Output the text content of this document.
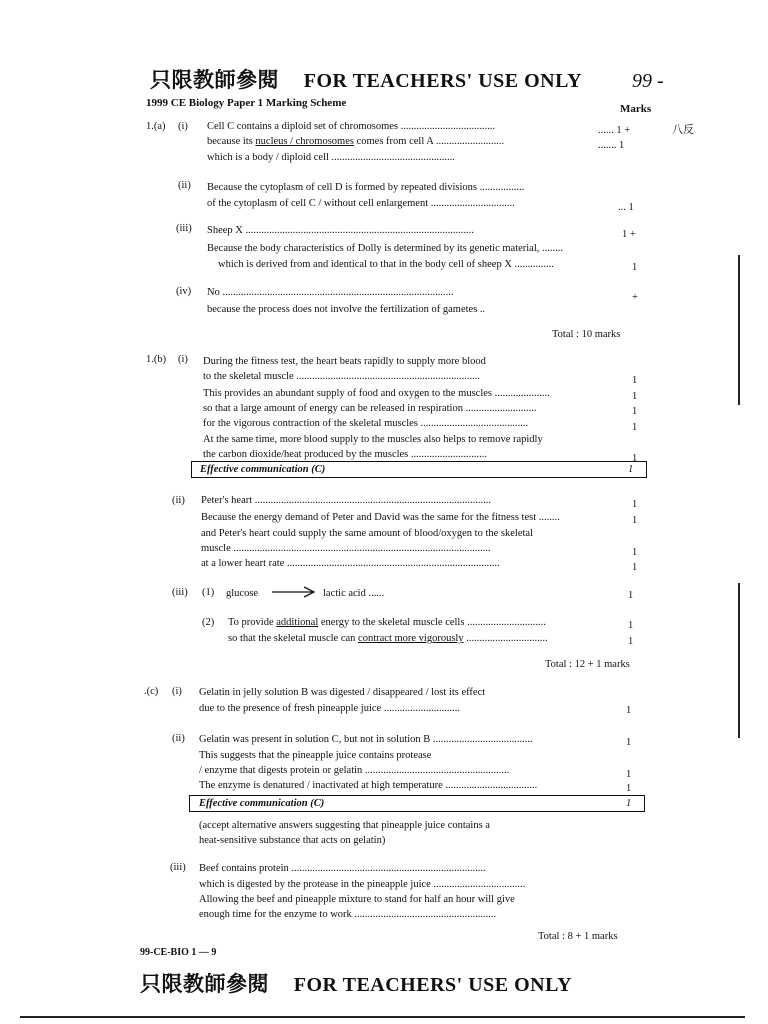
只限教師參閱 FOR TEACHERS' USE ONLY 99 -
1999 CE Biology Paper 1 Marking Scheme	Marks
八反
1.(a) (i) Cell C contains a diploid set of chromosomes ....................................	...... 1 +
because its nucleus / chromosomes comes from cell A ..........................	....... 1
which is a body / diploid cell ...............................................
(ii) Because the cytoplasm of cell D is formed by repeated divisions .................
of the cytoplasm of cell C / without cell enlargement ................................	... 1
(iii) Sheep X .......................................................................................	1 +
Because the body characteristics of Dolly is determined by its genetic material, ........
which is derived from and identical to that in the body cell of sheep X ...............	1
(iv) No ........................................................................................	+
because the process does not involve the fertilization of gametes ..
Total : 10 marks
1.(b) (i) During the fitness test, the heart beats rapidly to supply more blood
to the skeletal muscle ......................................................................	1
This provides an abundant supply of food and oxygen to the muscles .....................	1
so that a large amount of energy can be released in respiration ...........................	1
for the vigorous contraction of the skeletal muscles .........................................	1
At the same time, more blood supply to the muscles also helps to remove rapidly
the carbon dioxide/heat produced by the muscles .............................	1
Effective communication (C)	1
(ii) Peter's heart ..........................................................................................	1
Because the energy demand of Peter and David was the same for the fitness test ........	1
and Peter's heart could supply the same amount of blood/oxygen to the skeletal
muscle ..................................................................................................	1
at a lower heart rate .................................................................................	1
(iii) (1) glucose → lactic acid ......	1
(2) To provide additional energy to the skeletal muscle cells ..............................	1
so that the skeletal muscle can contract more vigorously ...............................	1
Total : 12 + 1 marks
.(c) (i) Gelatin in jelly solution B was digested / disappeared / lost its effect
due to the presence of fresh pineapple juice .............................	1
(ii) Gelatin was present in solution C, but not in solution B ......................................	1
This suggests that the pineapple juice contains protease
/ enzyme that digests protein or gelatin .......................................................	1
The enzyme is denatured / inactivated at high temperature ...................................	1
Effective communication (C)	1
(accept alternative answers suggesting that pineapple juice contains a
heat-sensitive substance that acts on gelatin)
(iii) Beef contains protein ..........................................................................
which is digested by the protease in the pineapple juice ...................................
Allowing the beef and pineapple mixture to stand for half an hour will give
enough time for the enzyme to work ......................................................
Total : 8 + 1 marks
99-CE-BIO 1 — 9
只限教師參閱 FOR TEACHERS' USE ONLY
